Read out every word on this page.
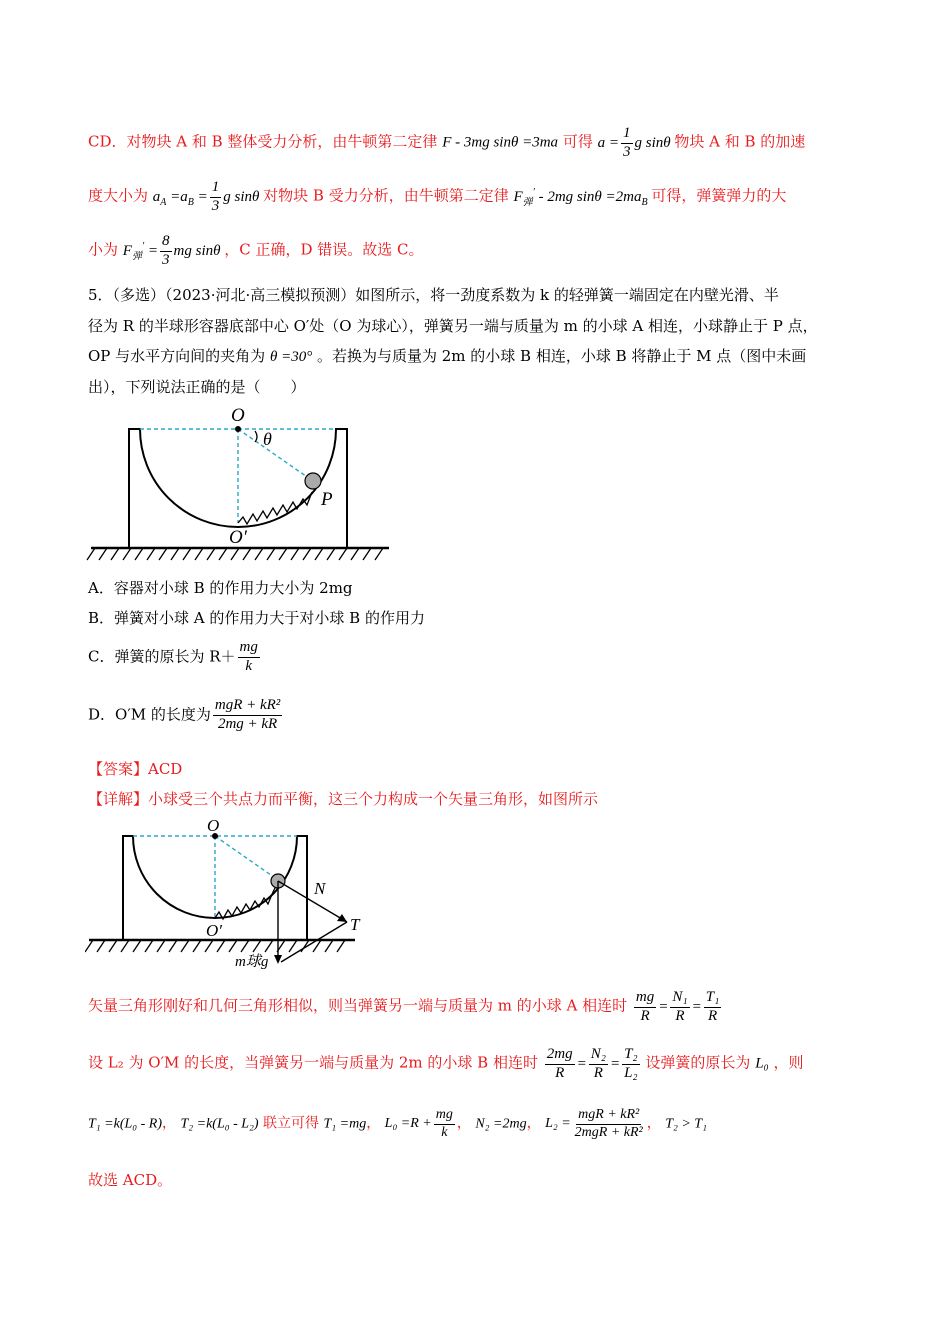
CD．对物块 A 和 B 整体受力分析，由牛顿第二定律 F - 3mg sinθ =3ma 可得 $a = \frac{1}{3}$ g sinθ 物块 A 和 B 的加速
度大小为 $a_A =a_B = \frac{1}{3}$ g sinθ 对物块 B 受力分析，由牛顿第二定律 $F_弹' - 2mg$ $\sin\theta =2ma_B$ 可得，弹簧弹力的大
小为 $F_弹' = \frac{8}{3}$ mg sinθ ，C 正确，D 错误。故选 C。
5．（多选）（2023·河北·高三模拟预测）如图所示，将一劲度系数为 k 的轻弹簧一端固定在内壁光滑、半
径为 R 的半球形容器底部中心 O′处（O 为球心），弹簧另一端与质量为 m 的小球 A 相连，小球静止于 P 点，
OP 与水平方向间的夹角为 θ =30° 。若换为与质量为 2m 的小球 B 相连，小球 B 将静止于 M 点（图中未画
出），下列说法正确的是（　　）
O
θ
P
O′
A．容器对小球 B 的作用力大小为 2mg
B．弹簧对小球 A 的作用力大于对小球 B 的作用力
C．弹簧的原长为 $R+ \frac{mg}{k}$
D．O′M 的长度为 $\frac{\text{mgR + kR²}}{2mg + kR}$
【答案】ACD
【详解】小球受三个共点力而平衡，这三个力构成一个矢量三角形，如图所示
O
O′
N
T
m球g
矢量三角形刚好和几何三角形相似，则当弹簧另一端与质量为 m 的小球 A 相连时 $\frac{mg}{R} = \frac{\text{N₁}}{R} = \frac{\text{T₁}}{R}$
设 L₂ 为 O′M 的长度，当弹簧另一端与质量为 2m 的小球 B 相连时 $\frac{2mg}{R} = \frac{\text{N₂}}{R} = \frac{\text{T₂}}{\text{L₂}}$ 设弹簧的原长为 L₀ ，则
T₁ =k(L₀ - R)， T₂ =k(L₀ - L₂) 联立可得 T₁ =mg， $L_0 =R + \frac{mg}{k}$ ， N₂ =2mg， $L_2 = \frac{\text{mgR + kR²}}{\text{2mgR + kR²}}$ ， T₂ > T₁
故选 ACD。
